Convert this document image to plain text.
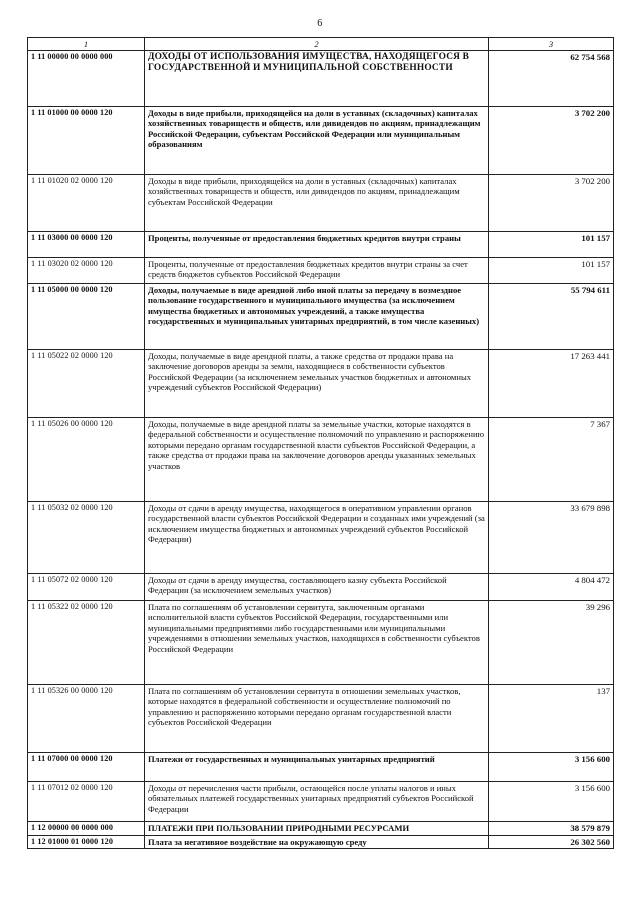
6
1	2	3
1 11 00000 00 0000 000	ДОХОДЫ ОТ ИСПОЛЬЗОВАНИЯ ИМУЩЕСТВА, НАХОДЯЩЕГОСЯ В ГОСУДАРСТВЕННОЙ И МУНИЦИПАЛЬНОЙ СОБСТВЕННОСТИ	62 754 568
1 11 01000 00 0000 120	Доходы в виде прибыли, приходящейся на доли в уставных (складочных) капиталах хозяйственных товариществ и обществ, или дивидендов по акциям, принадлежащим Российской Федерации, субъектам Российской Федерации или муниципальным образованиям	3 702 200
1 11 01020 02 0000 120	Доходы в виде прибыли, приходящейся на доли в уставных (складочных) капиталах хозяйственных товариществ и обществ, или дивидендов по акциям, принадлежащим субъектам Российской Федерации	3 702 200
1 11 03000 00 0000 120	Проценты, полученные от предоставления бюджетных кредитов внутри страны	101 157
1 11 03020 02 0000 120	Проценты, полученные от предоставления бюджетных кредитов внутри страны за счет средств бюджетов субъектов Российской Федерации	101 157
1 11 05000 00 0000 120	Доходы, получаемые в виде арендной либо иной платы за передачу в возмездное пользование государственного и муниципального имущества (за исключением имущества бюджетных и автономных учреждений, а также имущества государственных и муниципальных унитарных предприятий, в том числе казенных)	55 794 611
1 11 05022 02 0000 120	Доходы, получаемые в виде арендной платы, а также средства от продажи права на заключение договоров аренды за земли, находящиеся в собственности субъектов Российской Федерации (за исключением земельных участков бюджетных и автономных учреждений субъектов Российской Федерации)	17 263 441
1 11 05026 00 0000 120	Доходы, получаемые в виде арендной платы за земельные участки, которые находятся в федеральной собственности и осуществление полномочий по управлению и распоряжению которыми передано органам государственной власти субъектов Российской Федерации, а также средства от продажи права на заключение договоров аренды указанных земельных участков	7 367
1 11 05032 02 0000 120	Доходы от сдачи в аренду имущества, находящегося в оперативном управлении органов государственной власти субъектов Российской Федерации и созданных ими учреждений (за исключением имущества бюджетных и автономных учреждений субъектов Российской Федерации)	33 679 898
1 11 05072 02 0000 120	Доходы от сдачи в аренду имущества, составляющего казну субъекта Российской Федерации (за исключением земельных участков)	4 804 472
1 11 05322 02 0000 120	Плата по соглашениям об установлении сервитута, заключенным органами исполнительной власти субъектов Российской Федерации, государственными или муниципальными предприятиями либо государственными или муниципальными учреждениями в отношении земельных участков, находящихся в собственности субъектов Российской Федерации	39 296
1 11 05326 00 0000 120	Плата по соглашениям об установлении сервитута в отношении земельных участков, которые находятся в федеральной собственности и осуществление полномочий по управлению и распоряжению которыми передано органам государственной власти субъектов Российской Федерации	137
1 11 07000 00 0000 120	Платежи от государственных и муниципальных унитарных предприятий	3 156 600
1 11 07012 02 0000 120	Доходы от перечисления части прибыли, остающейся после уплаты налогов и иных обязательных платежей государственных унитарных предприятий субъектов Российской Федерации	3 156 600
1 12 00000 00 0000 000	ПЛАТЕЖИ ПРИ ПОЛЬЗОВАНИИ ПРИРОДНЫМИ РЕСУРСАМИ	38 579 879
1 12 01000 01 0000 120	Плата за негативное воздействие на окружающую среду	26 302 560
